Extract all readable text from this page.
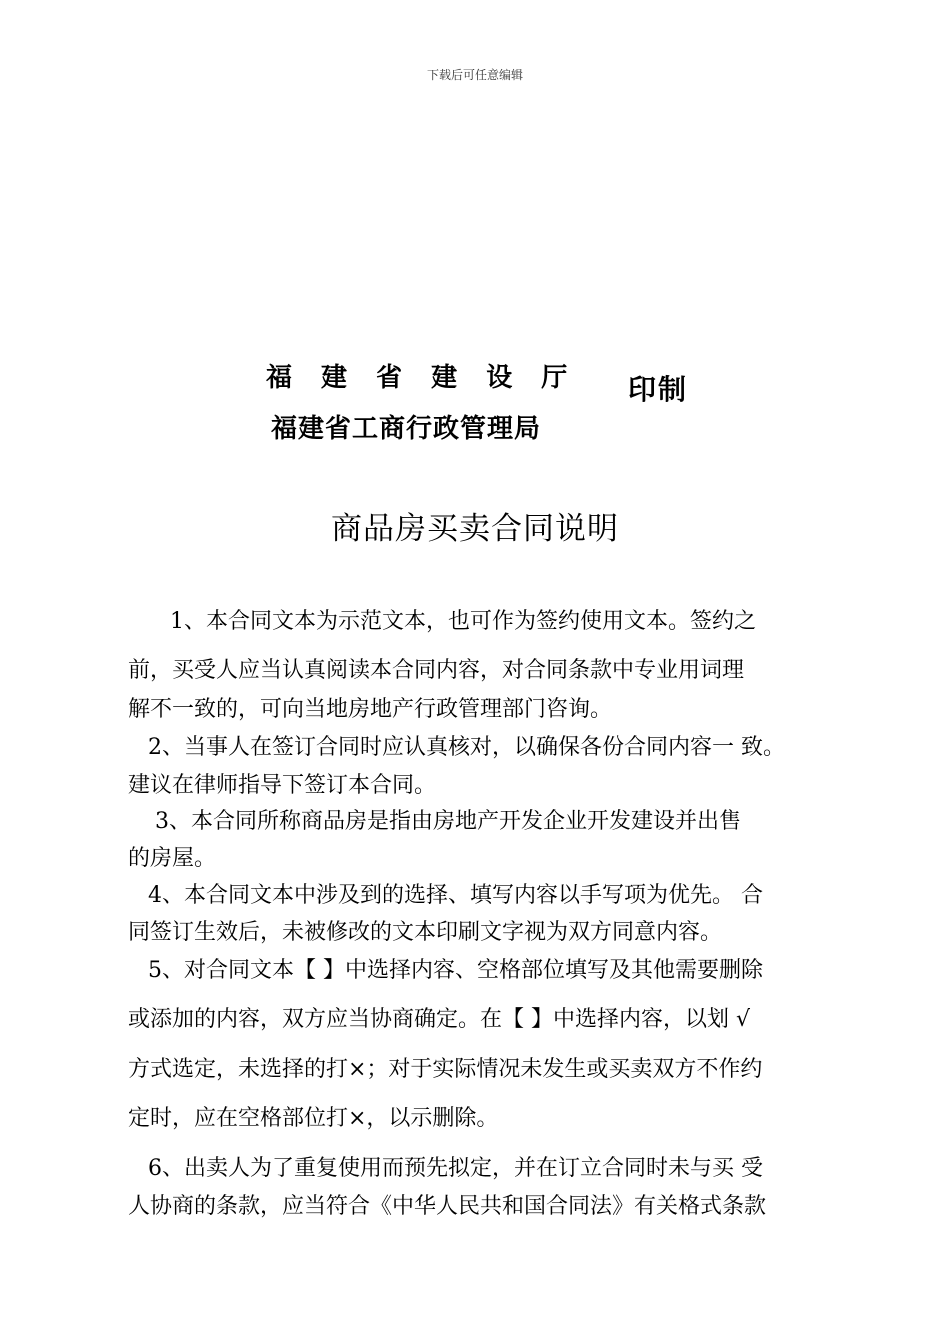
下载后可任意编辑
福 建 省 建 设 厅
福建省工商行政管理局
印制
商品房买卖合同说明
1、本合同文本为示范文本，也可作为签约使用文本。签约之
前，买受人应当认真阅读本合同内容，对合同条款中专业用词理
解不一致的，可向当地房地产行政管理部门咨询。
2、当事人在签订合同时应认真核对，以确保各份合同内容一 致。
建议在律师指导下签订本合同。
3、本合同所称商品房是指由房地产开发企业开发建设并出售
的房屋。
4、本合同文本中涉及到的选择、填写内容以手写项为优先。 合
同签订生效后，未被修改的文本印刷文字视为双方同意内容。
5、对合同文本【 】中选择内容、空格部位填写及其他需要删除
或添加的内容，双方应当协商确定。在【 】中选择内容，以划 √
方式选定，未选择的打×；对于实际情况未发生或买卖双方不作约
定时，应在空格部位打×，以示删除。
6、出卖人为了重复使用而预先拟定，并在订立合同时未与买 受
人协商的条款，应当符合《中华人民共和国合同法》有关格式条款
